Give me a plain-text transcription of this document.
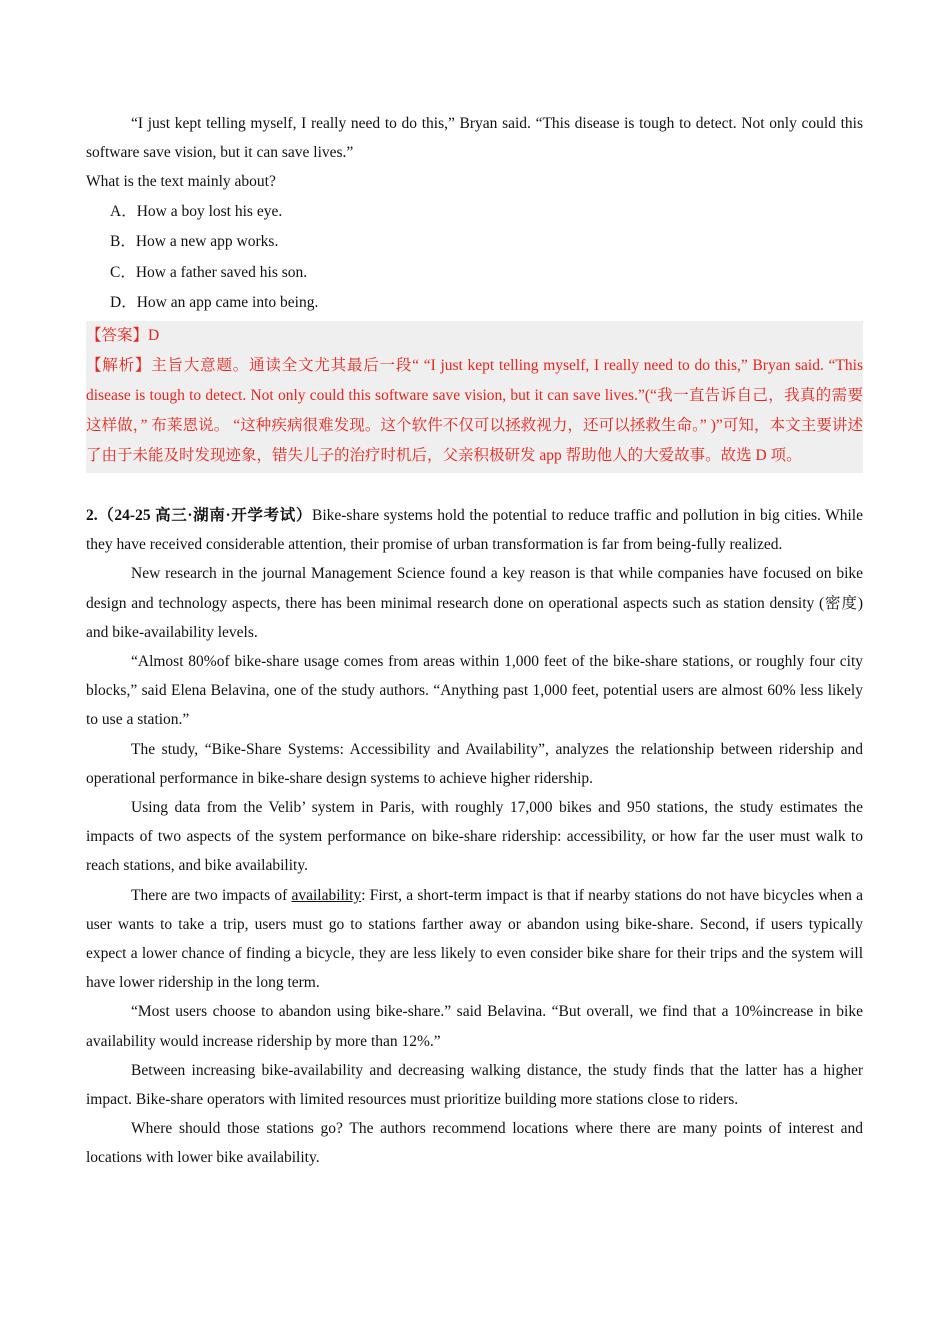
“I just kept telling myself, I really need to do this,” Bryan said. “This disease is tough to detect. Not only could this software save vision, but it can save lives.”

What is the text mainly about?

A．How a boy lost his eye.

B．How a new app works.

C．How a father saved his son.

D．How an app came into being.

【答案】D

【解析】主旨大意题。通读全文尤其最后一段“ “I just kept telling myself, I really need to do this,” Bryan said. “This disease is tough to detect. Not only could this software save vision, but it can save lives.”(“我一直告诉自己，我真的需要这样做，” 布莱恩说。 “这种疾病很难发现。这个软件不仅可以拯救视力，还可以拯救生命。” )”可知，本文主要讲述了由于未能及时发现迹象，错失儿子的治疗时机后，父亲积极研发 app 帮助他人的大爱故事。故选 D 项。

2.（24-25 高三·湖南·开学考试）Bike-share systems hold the potential to reduce traffic and pollution in big cities. While they have received considerable attention, their promise of urban transformation is far from being-fully realized.

New research in the journal Management Science found a key reason is that while companies have focused on bike design and technology aspects, there has been minimal research done on operational aspects such as station density (密度) and bike-availability levels.

“Almost 80%of bike-share usage comes from areas within 1,000 feet of the bike-share stations, or roughly four city blocks,” said Elena Belavina, one of the study authors. “Anything past 1,000 feet, potential users are almost 60% less likely to use a station.”

The study, “Bike-Share Systems: Accessibility and Availability”, analyzes the relationship between ridership and operational performance in bike-share design systems to achieve higher ridership.

Using data from the Velib’ system in Paris, with roughly 17,000 bikes and 950 stations, the study estimates the impacts of two aspects of the system performance on bike-share ridership: accessibility, or how far the user must walk to reach stations, and bike availability.

There are two impacts of availability: First, a short-term impact is that if nearby stations do not have bicycles when a user wants to take a trip, users must go to stations farther away or abandon using bike-share. Second, if users typically expect a lower chance of finding a bicycle, they are less likely to even consider bike share for their trips and the system will have lower ridership in the long term.

“Most users choose to abandon using bike-share.” said Belavina. “But overall, we find that a 10%increase in bike availability would increase ridership by more than 12%.”

Between increasing bike-availability and decreasing walking distance, the study finds that the latter has a higher impact. Bike-share operators with limited resources must prioritize building more stations close to riders.

Where should those stations go? The authors recommend locations where there are many points of interest and locations with lower bike availability.
